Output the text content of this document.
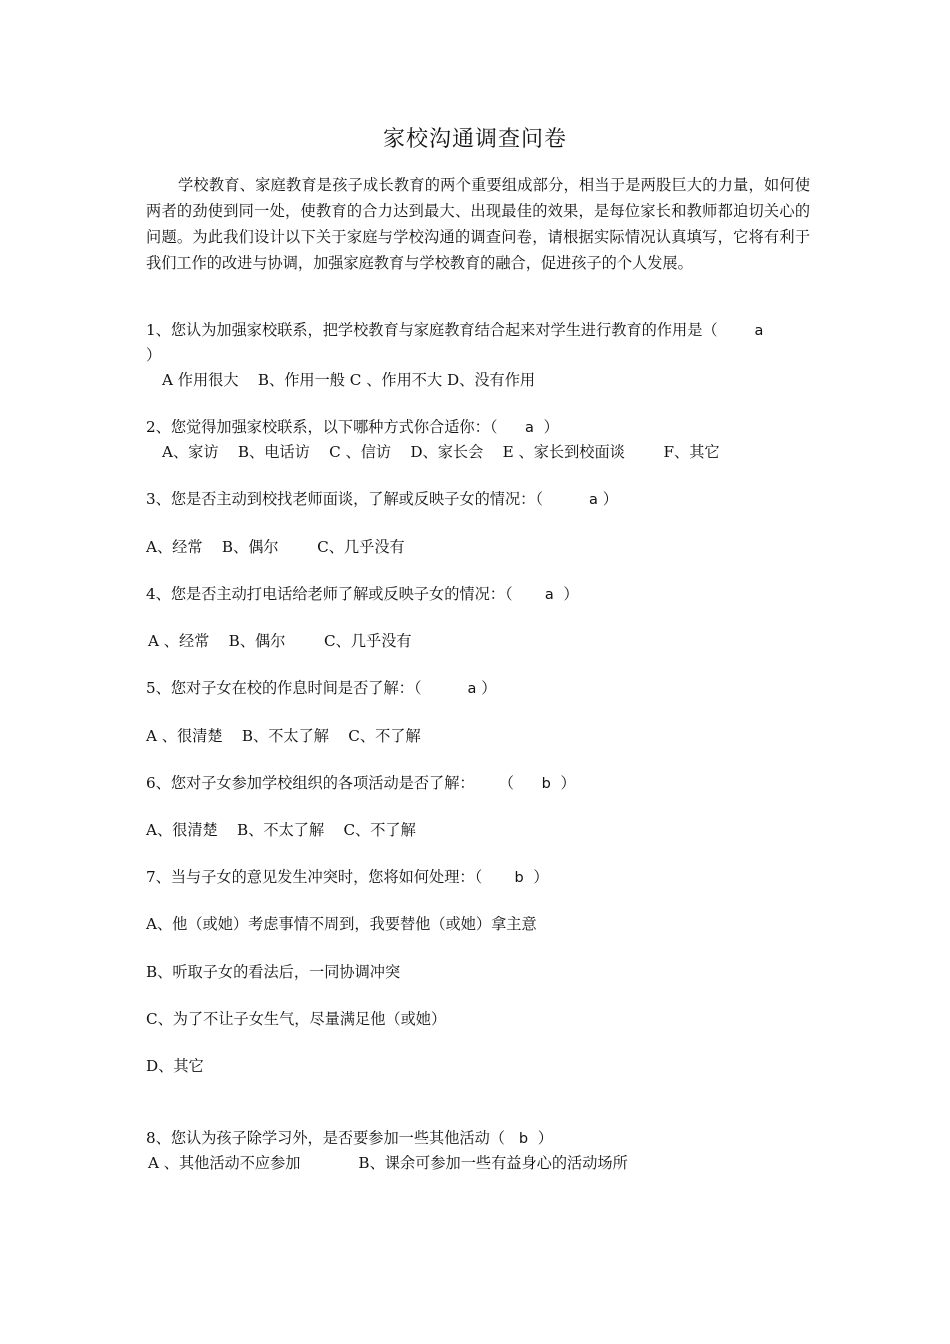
家校沟通调查问卷

学校教育、家庭教育是孩子成长教育的两个重要组成部分，相当于是两股巨大的力量，如何使两者的劲使到同一处，使教育的合力达到最大、出现最佳的效果，是每位家长和教师都迫切关心的问题。为此我们设计以下关于家庭与学校沟通的调查问卷，请根据实际情况认真填写，它将有利于我们工作的改进与协调，加强家庭教育与学校教育的融合，促进孩子的个人发展。

1、您认为加强家校联系，把学校教育与家庭教育结合起来对学生进行教育的作用是（	a
）
A 作用很大    B、作用一般 C 、作用不大 D、没有作用
2、您觉得加强家校联系，以下哪种方式你合适你：（ a ）
A、家访    B、电话访    C 、信访    D、家长会    E 、家长到校面谈        F、其它
3、您是否主动到校找老师面谈，了解或反映子女的情况：（	a ）
A、经常    B、偶尔        C、几乎没有
4、您是否主动打电话给老师了解或反映子女的情况：（ a ）
A 、经常    B、偶尔        C、几乎没有
5、您对子女在校的作息时间是否了解：（	a ）
A 、很清楚    B、不太了解    C、不了解
6、您对子女参加学校组织的各项活动是否了解：     （ b ）
A、很清楚    B、不太了解    C、不了解
7、当与子女的意见发生冲突时，您将如何处理：（ b ）
A、他（或她）考虑事情不周到，我要替他（或她）拿主意
B、听取子女的看法后，一同协调冲突
C、为了不让子女生气，尽量满足他（或她）
D、其它
8、您认为孩子除学习外，是否要参加一些其他活动（ b ）
A 、其他活动不应参加            B、课余可参加一些有益身心的活动场所
